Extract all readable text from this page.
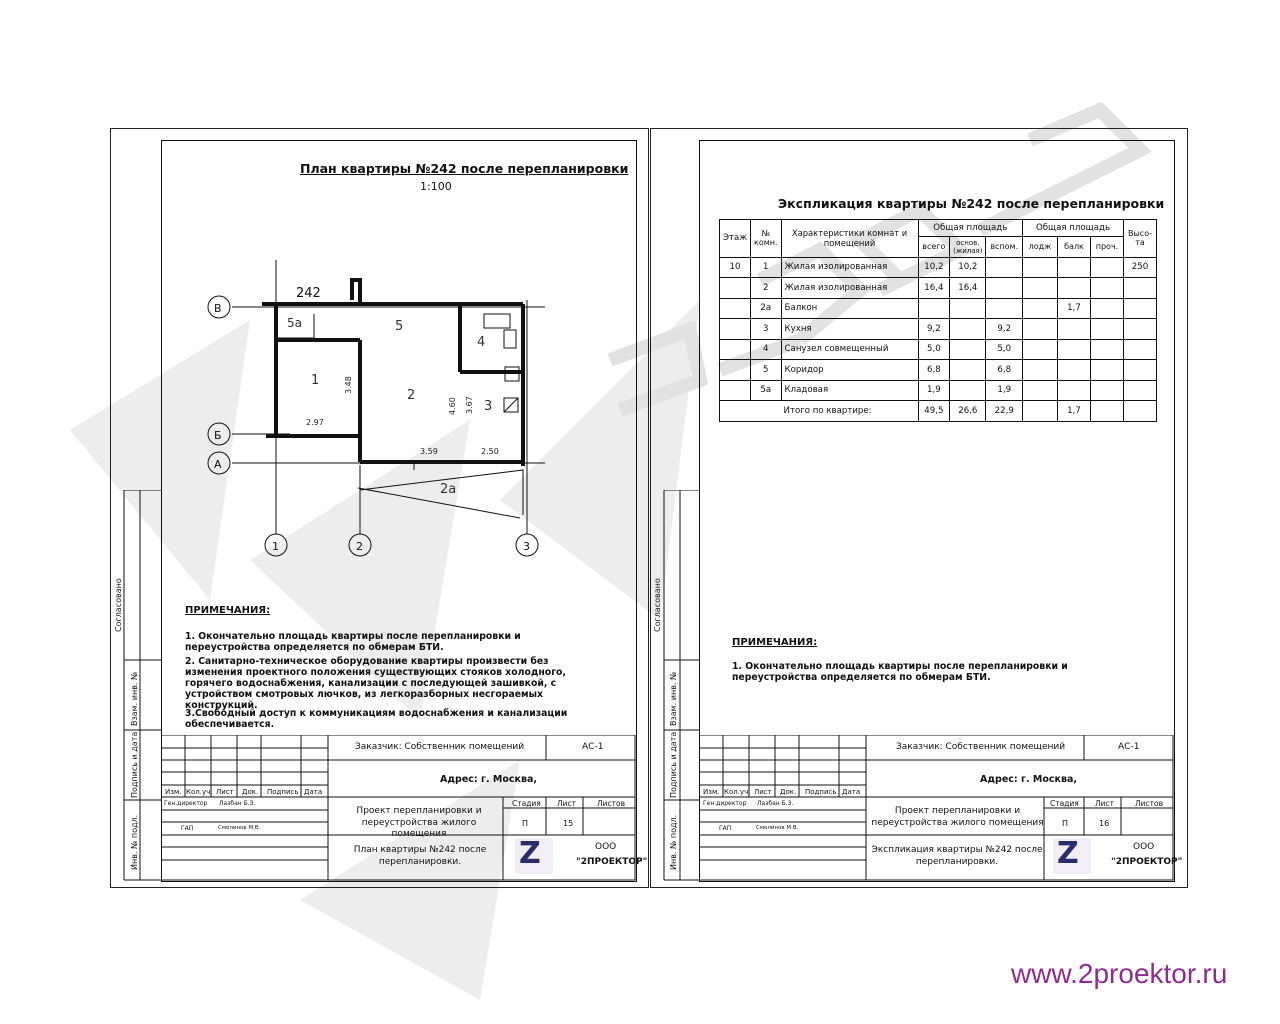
План квартиры №242 после перепланировки
1:100
5а	5
4
1
2
3
2а
242
В
Б
А
1	2	3
2.97
3.59	2.50
3.48
4.60 3.67
ПРИМЕЧАНИЯ:
1. Окончательно площадь квартиры после перепланировки и переустройства определяется по обмерам БТИ.
2. Санитарно-техническое оборудование квартиры произвести без изменения проектного положения существующих стояков холодного, горячего водоснабжения, канализации с последующей зашивкой, с устройством смотровых лючков, из легкоразборных несгораемых конструкций.
3.Свободный доступ к коммуникациям водоснабжения и канализации обеспечивается.
Согласовано
Взам. инв. №
Подпись и дата
Инв. № подл.
Заказчик: Собственник помещений	АС-1
Адрес: г. Москва,
Изм. Кол.уч. Лист Док. Подпись Дата
Ген.директор Лазбан Б.З.
ГАП	Смолинов М.В.
Проект перепланировки и переустройства жилого помещения
Стадия Лист	Листов
П	15
План квартиры №242 после перепланировки.	Z	ООО
"2ПРОЕКТОР"
Экспликация квартиры №242 после перепланировки
Этаж	№ комн.	Характеристики комнат и помещений	Общая площадь			Общая площадь			Высо-та
			всего	основ. (жилая)	вспом.	лодж	балк	проч.	
10	1	Жилая изолированная	10,2	10,2					250
	2	Жилая изолированная	16,4	16,4					
	2а	Балкон					1,7		
	3	Кухня	9,2		9,2				
	4	Санузел совмещенный	5,0		5,0				
	5	Коридор	6,8		6,8				
	5а	Кладовая	1,9		1,9				
Итого по квартире:			49,5	26,6	22,9		1,7		
ПРИМЕЧАНИЯ:
1. Окончательно площадь квартиры после перепланировки и переустройства определяется по обмерам БТИ.
Согласовано
Взам. инв. №
Подпись и дата
Инв. № подл.
Заказчик: Собственник помещений	АС-1
Адрес: г. Москва,
Изм. Кол.уч. Лист Док. Подпись Дата
Ген.директор Лазбан Б.З.
ГАП	Смолинов М.В.
Проект перепланировки и переустройства жилого помещения
Стадия Лист	Листов
П	16
Экспликация квартиры №242 после перепланировки.	Z	ООО
"2ПРОЕКТОР"
www.2proektor.ru
